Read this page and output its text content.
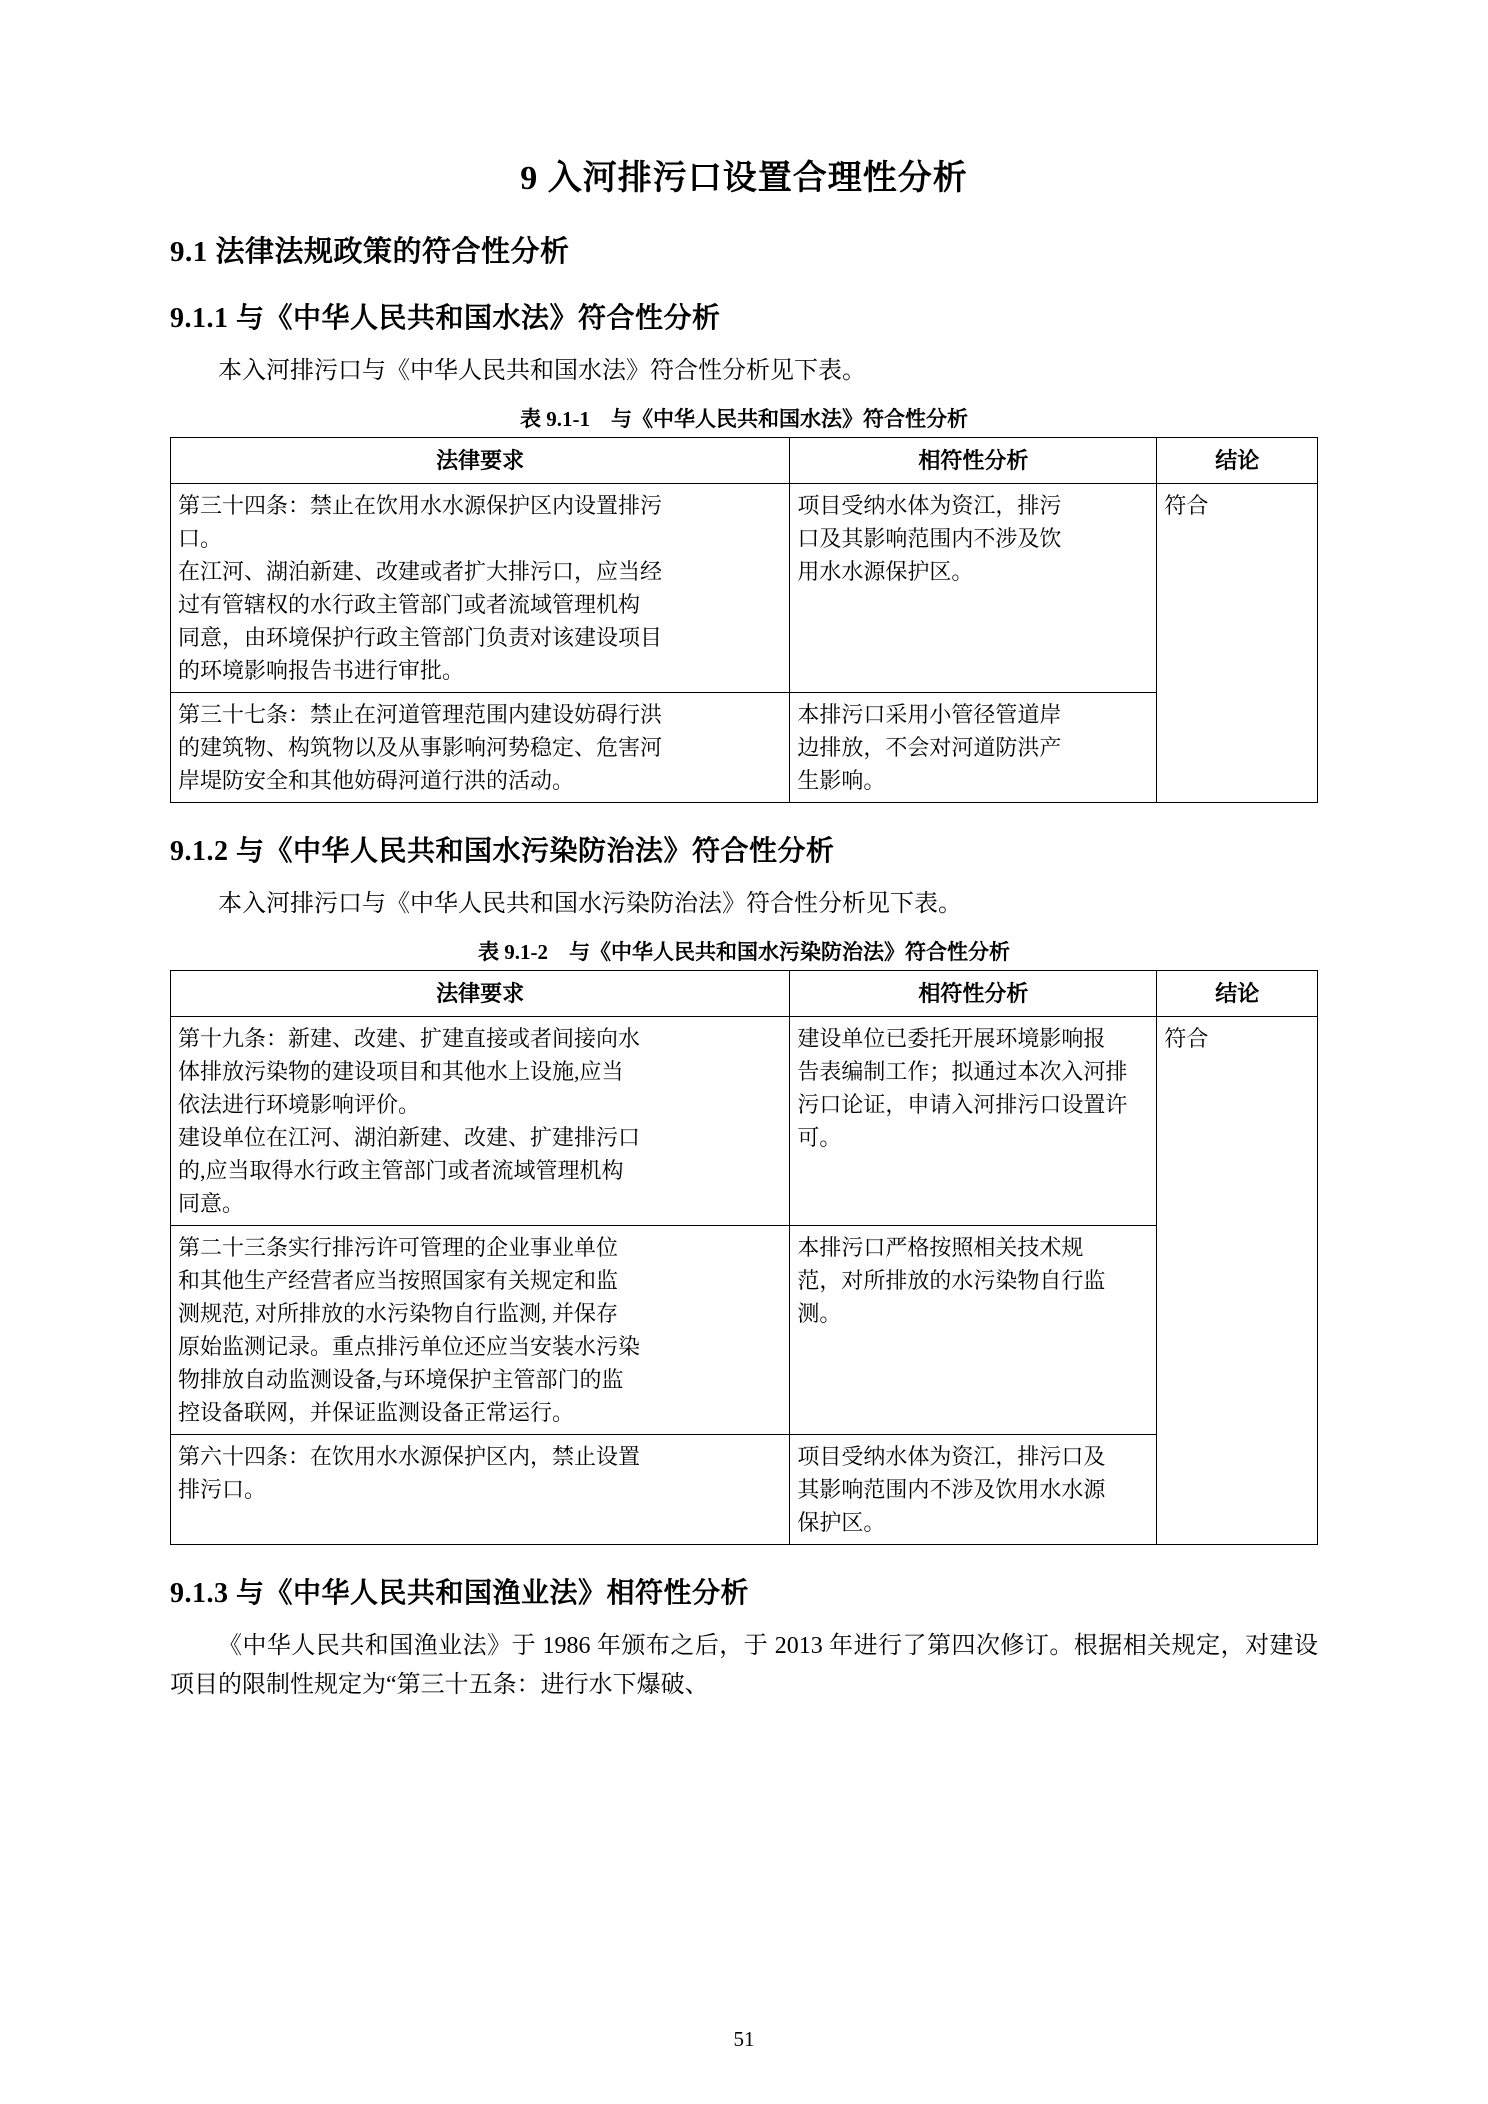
9 入河排污口设置合理性分析
9.1 法律法规政策的符合性分析
9.1.1 与《中华人民共和国水法》符合性分析

本入河排污口与《中华人民共和国水法》符合性分析见下表。

表 9.1-1　与《中华人民共和国水法》符合性分析
法律要求	相符性分析	结论

第三十四条：禁止在饮用水水源保护区内设置排污
口。
在江河、湖泊新建、改建或者扩大排污口，应当经
过有管辖权的水行政主管部门或者流域管理机构
同意，由环境保护行政主管部门负责对该建设项目
的环境影响报告书进行审批。

项目受纳水体为资江，排污
口及其影响范围内不涉及饮
用水水源保护区。
	符合

第三十七条：禁止在河道管理范围内建设妨碍行洪
的建筑物、构筑物以及从事影响河势稳定、危害河
岸堤防安全和其他妨碍河道行洪的活动。	本排污口采用小管径管道岸
边排放，不会对河道防洪产
生影响。	
9.1.2 与《中华人民共和国水污染防治法》符合性分析

本入河排污口与《中华人民共和国水污染防治法》符合性分析见下表。

表 9.1-2　与《中华人民共和国水污染防治法》符合性分析
法律要求	相符性分析	结论

第十九条：新建、改建、扩建直接或者间接向水
体排放污染物的建设项目和其他水上设施,应当
依法进行环境影响评价。
建设单位在江河、湖泊新建、改建、扩建排污口
的,应当取得水行政主管部门或者流域管理机构
同意。

建设单位已委托开展环境影响报
告表编制工作；拟通过本次入河排
污口论证，申请入河排污口设置许
可。
	符合

第二十三条实行排污许可管理的企业事业单位
和其他生产经营者应当按照国家有关规定和监
测规范, 对所排放的水污染物自行监测, 并保存
原始监测记录。重点排污单位还应当安装水污染
物排放自动监测设备,与环境保护主管部门的监
控设备联网，并保证监测设备正常运行。

本排污口严格按照相关技术规
范，对所排放的水污染物自行监
测。

第六十四条：在饮用水水源保护区内，禁止设置
排污口。	项目受纳水体为资江，排污口及
其影响范围内不涉及饮用水水源
保护区。	
9.1.3 与《中华人民共和国渔业法》相符性分析

《中华人民共和国渔业法》于 1986 年颁布之后，于 2013 年进行了第四次修订。根据相关规定，对建设项目的限制性规定为“第三十五条：进行水下爆破、

51
